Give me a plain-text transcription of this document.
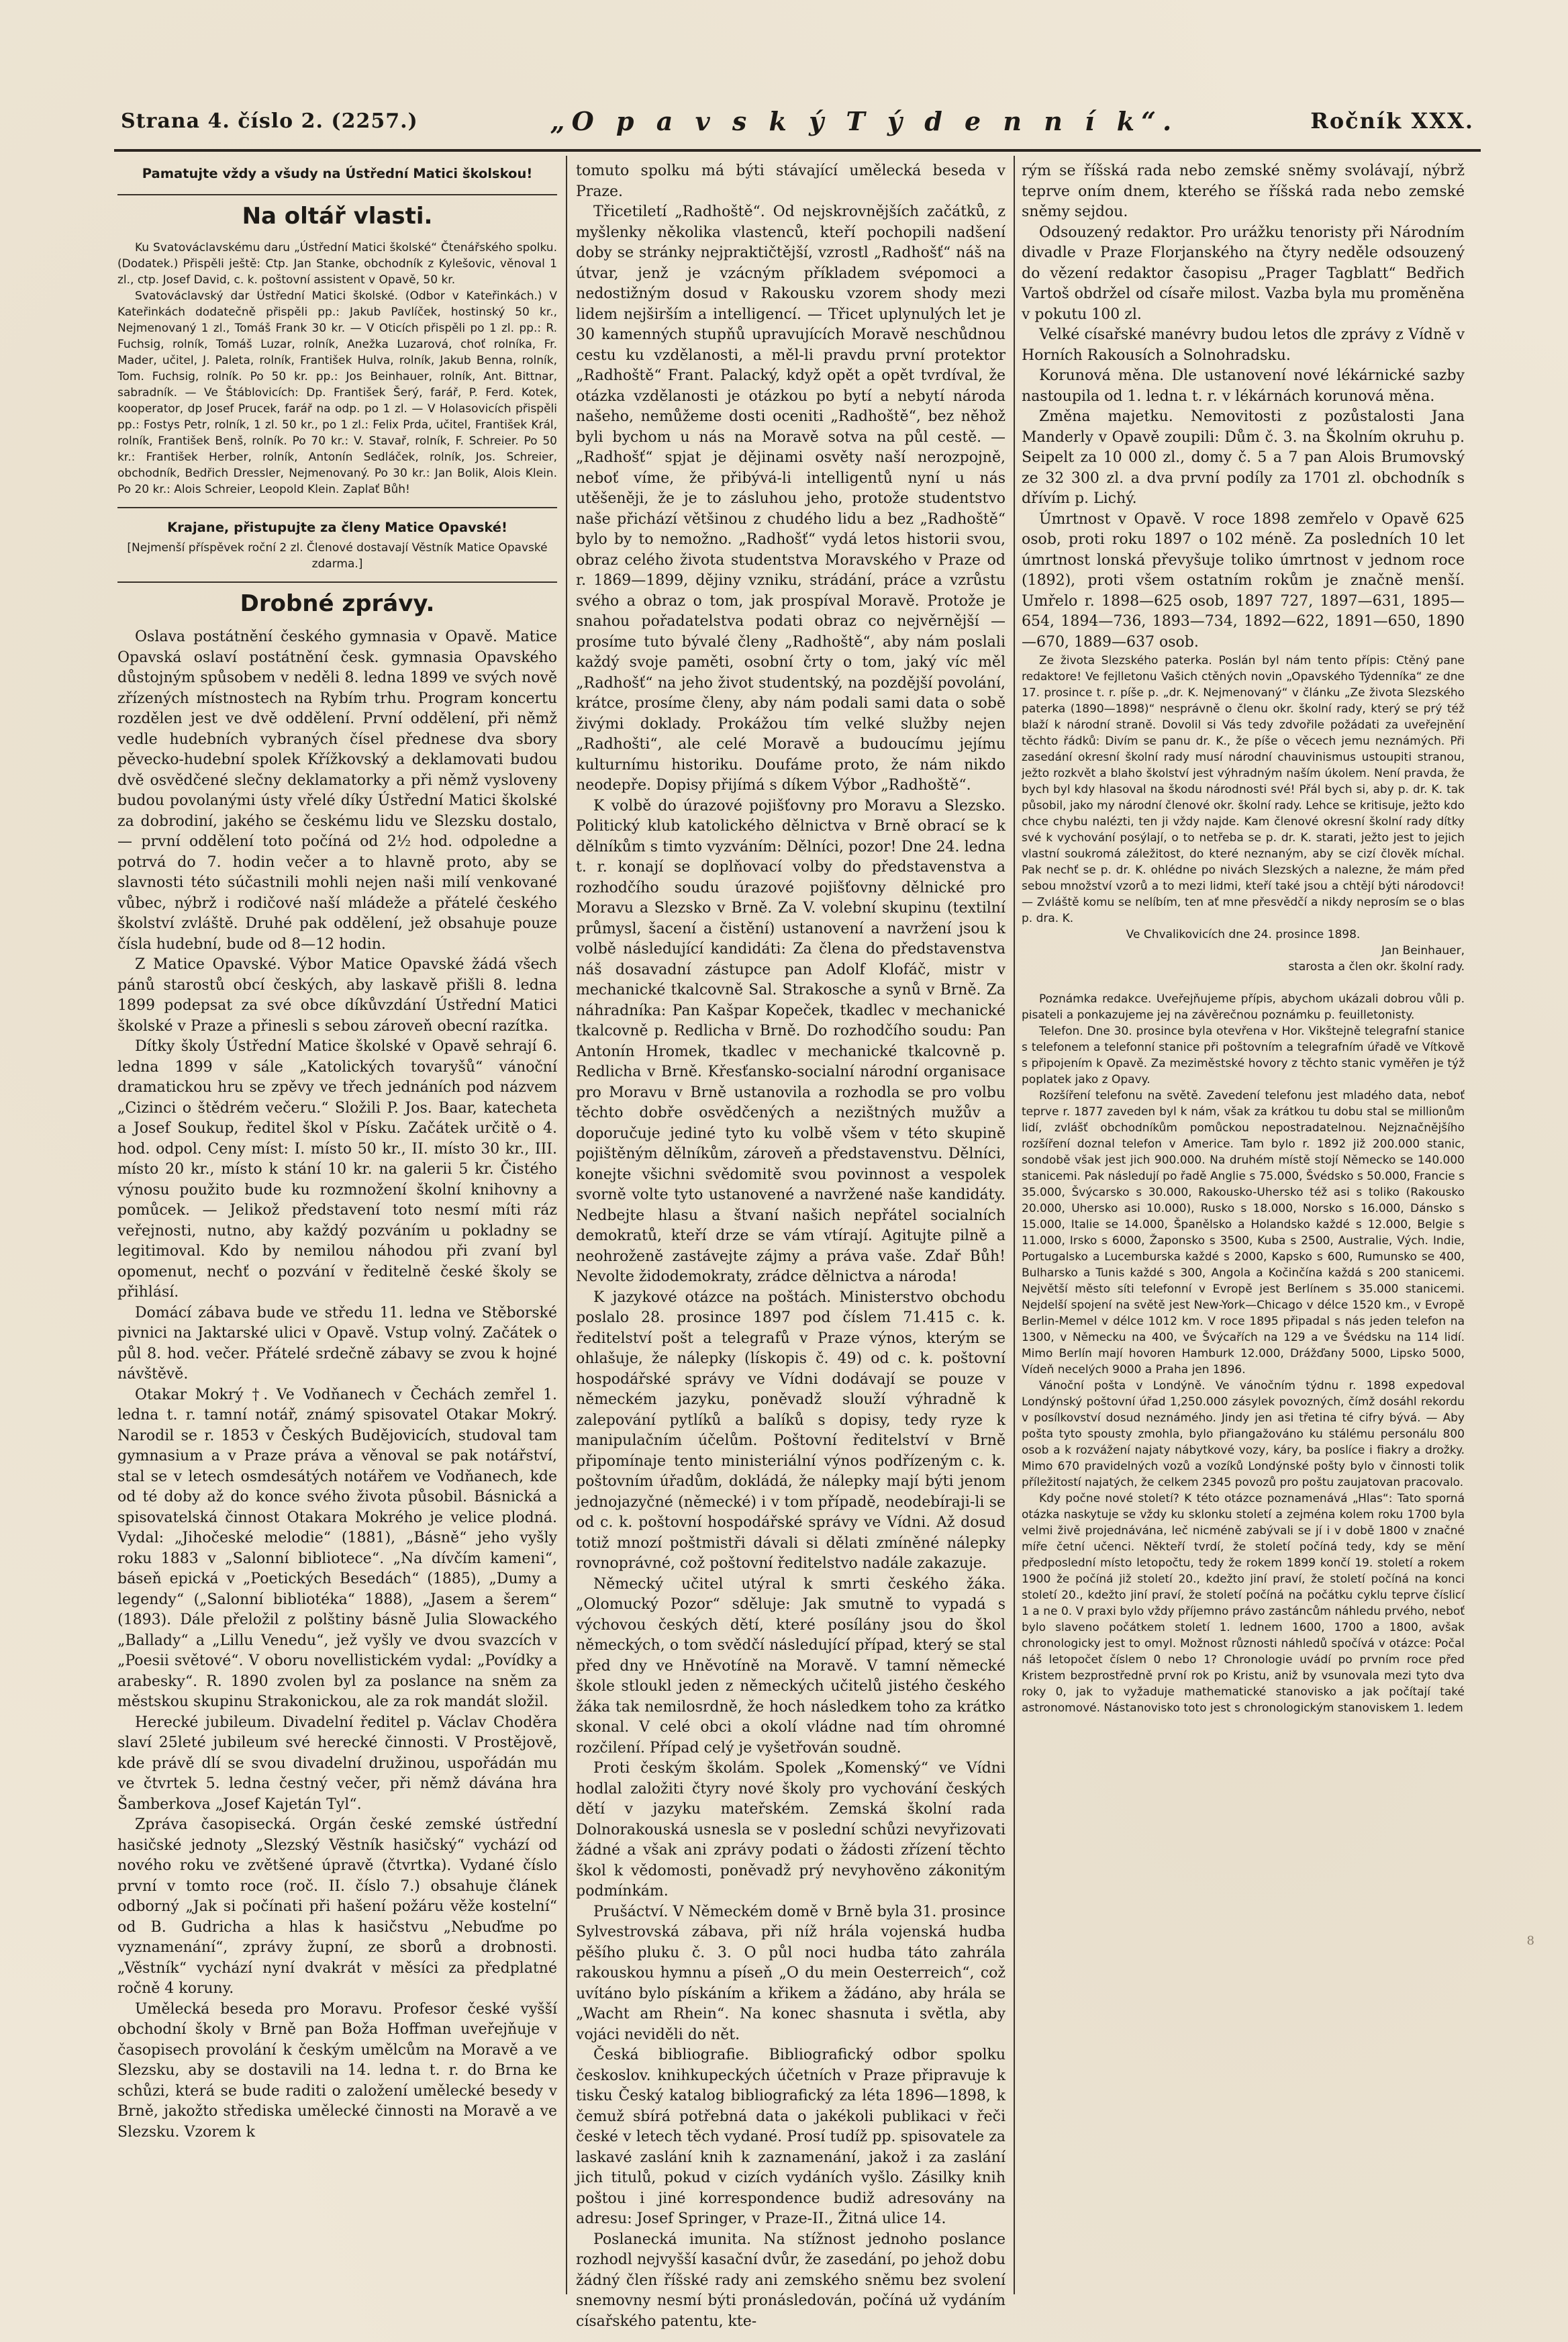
Strana 4. číslo 2. (2257.)	„O p a v s k ý T ý d e n n í k“.	Ročník XXX.
Pamatujte vždy a všudy na Ústřední Matici školskou!
Na oltář vlasti.

Ku Svatováclavskému daru „Ústřední Matici školské“ Čtenářského spolku. (Dodatek.) Přispěli ještě: Ctp. Jan Stanke, obchodník z Kylešovic, věnoval 1 zl., ctp. Josef David, c. k. poštovní assistent v Opavě, 50 kr.

Svatováclavský dar Ústřední Matici školské. (Odbor v Kateřinkách.) V Kateřinkách dodatečně přispěli pp.: Jakub Pavlíček, hostinský 50 kr., Nejmenovaný 1 zl., Tomáš Frank 30 kr. — V Oticích přispěli po 1 zl. pp.: R. Fuchsig, rolník, Tomáš Luzar, rolník, Anežka Luzarová, choť rolníka, Fr. Mader, učitel, J. Paleta, rolník, František Hulva, rolník, Jakub Benna, rolník, Tom. Fuchsig, rolník. Po 50 kr. pp.: Jos Beinhauer, rolník, Ant. Bittnar, sabradník. — Ve Štáblovicích: Dp. František Šerý, farář, P. Ferd. Kotek, kooperator, dp Josef Prucek, farář na odp. po 1 zl. — V Holasovicích přispěli pp.: Fostys Petr, rolník, 1 zl. 50 kr., po 1 zl.: Felix Prda, učitel, František Král, rolník, František Benš, rolník. Po 70 kr.: V. Stavař, rolník, F. Schreier. Po 50 kr.: František Herber, rolník, Antonín Sedláček, rolník, Jos. Schreier, obchodník, Bedřich Dressler, Nejmenovaný. Po 30 kr.: Jan Bolik, Alois Klein. Po 20 kr.: Alois Schreier, Leopold Klein. Zaplať Bůh!

Krajane, přistupujte za členy Matice Opavské!

[Nejmenší příspěvek roční 2 zl. Členové dostavají Věstník Matice Opavské zdarma.]

Drobné zprávy.

Oslava postátnění českého gymnasia v Opavě. Matice Opavská oslaví postátnění česk. gymnasia Opavského důstojným spůsobem v neděli 8. ledna 1899 ve svých nově zřízených místnostech na Rybím trhu. Program koncertu rozdělen jest ve dvě oddělení. První oddělení, při němž vedle hudebních vybraných čísel přednese dva sbory pěvecko-hudební spolek Křížkovský a deklamovati budou dvě osvědčené slečny deklamatorky a při němž vysloveny budou povolanými ústy vřelé díky Ústřední Matici školské za dobrodiní, jakého se českému lidu ve Slezsku dostalo, — první oddělení toto počíná od 2½ hod. odpoledne a potrvá do 7. hodin večer a to hlavně proto, aby se slavnosti této súčastnili mohli nejen naši milí venkované vůbec, nýbrž i rodičové naší mládeže a přátelé českého školství zvláště. Druhé pak oddělení, jež obsahuje pouze čísla hudební, bude od 8—12 hodin.

Z Matice Opavské. Výbor Matice Opavské žádá všech pánů starostů obcí českých, aby laskavě přišli 8. ledna 1899 podepsat za své obce díkůvzdání Ústřední Matici školské v Praze a přinesli s sebou zároveň obecní razítka.

Dítky školy Ústřední Matice školské v Opavě sehrají 6. ledna 1899 v sále „Katolických tovaryšů“ vánoční dramatickou hru se zpěvy ve třech jednáních pod názvem „Cizinci o štědrém večeru.“ Složili P. Jos. Baar, katecheta a Josef Soukup, ředitel škol v Písku. Začátek určitě o 4. hod. odpol. Ceny míst: I. místo 50 kr., II. místo 30 kr., III. místo 20 kr., místo k stání 10 kr. na galerii 5 kr. Čistého výnosu použito bude ku rozmnožení školní knihovny a pomůcek. — Jelikož představení toto nesmí míti ráz veřejnosti, nutno, aby každý pozváním u pokladny se legitimoval. Kdo by nemilou náhodou při zvaní byl opomenut, nechť o pozvání v ředitelně české školy se přihlásí.

Domácí zábava bude ve středu 11. ledna ve Stěborské pivnici na Jaktarské ulici v Opavě. Vstup volný. Začátek o půl 8. hod. večer. Přátelé srdečně zábavy se zvou k hojné návštěvě.

Otakar Mokrý †. Ve Vodňanech v Čechách zemřel 1. ledna t. r. tamní notář, známý spisovatel Otakar Mokrý. Narodil se r. 1853 v Českých Budějovicích, studoval tam gymnasium a v Praze práva a věnoval se pak notářství, stal se v letech osmdesátých notářem ve Vodňanech, kde od té doby až do konce svého života působil. Básnická a spisovatelská činnost Otakara Mokrého je velice plodná. Vydal: „Jihočeské melodie“ (1881), „Básně“ jeho vyšly roku 1883 v „Salonní bibliotece“. „Na dívčím kameni“, báseň epická v „Poetických Besedách“ (1885), „Dumy a legendy“ („Salonní bibliotéka“ 1888), „Jasem a šerem“ (1893). Dále přeložil z polštiny básně Julia Slowackého „Ballady“ a „Lillu Venedu“, jež vyšly ve dvou svazcích v „Poesii světové“. V oboru novellistickém vydal: „Povídky a arabesky“. R. 1890 zvolen byl za poslance na sněm za městskou skupinu Strakonickou, ale za rok mandát složil.

Herecké jubileum. Divadelní ředitel p. Václav Choděra slaví 25leté jubileum své herecké činnosti. V Prostějově, kde právě dlí se svou divadelní družinou, uspořádán mu ve čtvrtek 5. ledna čestný večer, při němž dávána hra Šamberkova „Josef Kajetán Tyl“.

Zpráva časopisecká. Orgán české zemské ústřední hasičské jednoty „Slezský Věstník hasičský“ vychází od nového roku ve zvětšené úpravě (čtvrtka). Vydané číslo první v tomto roce (roč. II. číslo 7.) obsahuje článek odborný „Jak si počínati při hašení požáru věže kostelní“ od B. Gudricha a hlas k hasičstvu „Nebuďme po vyznamenání“, zprávy župní, ze sborů a drobnosti. „Věstník“ vychází nyní dvakrát v měsíci za předplatné ročně 4 koruny.

Umělecká beseda pro Moravu. Profesor české vyšší obchodní školy v Brně pan Boža Hoffman uveřejňuje v časopisech provolání k českým umělcům na Moravě a ve Slezsku, aby se dostavili na 14. ledna t. r. do Brna ke schůzi, která se bude raditi o založení umělecké besedy v Brně, jakožto střediska umělecké činnosti na Moravě a ve Slezsku. Vzorem k

tomuto spolku má býti stávající umělecká beseda v Praze.

Třicetiletí „Radhoště“. Od nejskrovnějších začátků, z myšlenky několika vlastenců, kteří pochopili nadšení doby se stránky nejpraktičtější, vzrostl „Radhošť“ náš na útvar, jenž je vzácným příkladem svépomoci a nedostižným dosud v Rakousku vzorem shody mezi lidem nejširším a intelligencí. — Třicet uplynulých let je 30 kamenných stupňů upravujících Moravě neschůdnou cestu ku vzdělanosti, a měl-li pravdu první protektor „Radhoště“ Frant. Palacký, když opět a opět tvrdíval, že otázka vzdělanosti je otázkou po bytí a nebytí národa našeho, nemůžeme dosti oceniti „Radhoště“, bez něhož byli bychom u nás na Moravě sotva na půl cestě. — „Radhošť“ spjat je dějinami osvěty naší nerozpojně, neboť víme, že přibývá-li intelligentů nyní u nás utěšeněji, že je to zásluhou jeho, protože studentstvo naše přichází většinou z chudého lidu a bez „Radhoště“ bylo by to nemožno. „Radhošť“ vydá letos historii svou, obraz celého života studentstva Moravského v Praze od r. 1869—1899, dějiny vzniku, strádání, práce a vzrůstu svého a obraz o tom, jak prospíval Moravě. Protože je snahou pořadatelstva podati obraz co nejvěrnější — prosíme tuto bývalé členy „Radhoště“, aby nám poslali každý svoje paměti, osobní črty o tom, jaký víc měl „Radhošť“ na jeho život studentský, na pozdější povolání, krátce, prosíme členy, aby nám podali sami data o sobě živými doklady. Prokážou tím velké služby nejen „Radhošti“, ale celé Moravě a budoucímu jejímu kulturnímu historiku. Doufáme proto, že nám nikdo neodepře. Dopisy přijímá s díkem Výbor „Radhoště“.

K volbě do úrazové pojišťovny pro Moravu a Slezsko. Politický klub katolického dělnictva v Brně obrací se k dělníkům s timto vyzváním: Dělníci, pozor! Dne 24. ledna t. r. konají se doplňovací volby do představenstva a rozhodčího soudu úrazové pojišťovny dělnické pro Moravu a Slezsko v Brně. Za V. volební skupinu (textilní průmysl, šacení a čistění) ustanovení a navržení jsou k volbě následující kandidáti: Za člena do představenstva náš dosavadní zástupce pan Adolf Klofáč, mistr v mechanické tkalcovně Sal. Strakosche a synů v Brně. Za náhradníka: Pan Kašpar Kopeček, tkadlec v mechanické tkalcovně p. Redlicha v Brně. Do rozhodčího soudu: Pan Antonín Hromek, tkadlec v mechanické tkalcovně p. Redlicha v Brně. Křesťansko-socialní národní organisace pro Moravu v Brně ustanovila a rozhodla se pro volbu těchto dobře osvědčených a nezištných mužův a doporučuje jediné tyto ku volbě všem v této skupině pojištěným dělníkům, zároveň a představenstvu. Dělníci, konejte všichni svědomitě svou povinnost a vespolek svorně volte tyto ustanovené a navržené naše kandidáty. Nedbejte hlasu a štvaní našich nepřátel socialních demokratů, kteří drze se vám vtírají. Agitujte pilně a neohroženě zastávejte zájmy a práva vaše. Zdař Bůh! Nevolte židodemokraty, zrádce dělnictva a národa!

K jazykové otázce na poštách. Ministerstvo obchodu poslalo 28. prosince 1897 pod číslem 71.415 c. k. ředitelství pošt a telegrafů v Praze výnos, kterým se ohlašuje, že nálepky (lískopis č. 49) od c. k. poštovní hospodářské správy ve Vídni dodávají se pouze v německém jazyku, poněvadž slouží výhradně k zalepování pytlíků a balíků s dopisy, tedy ryze k manipulačním účelům. Poštovní ředitelství v Brně připomínaje tento ministeriální výnos podřízeným c. k. poštovním úřadům, dokládá, že nálepky mají býti jenom jednojazyčné (německé) i v tom případě, neodebíraji-li se od c. k. poštovní hospodářské správy ve Vídni. Až dosud totiž mnozí poštmistři dávali si dělati zmíněné nálepky rovnoprávné, což poštovní ředitelstvo nadále zakazuje.

Německý učitel utýral k smrti českého žáka. „Olomucký Pozor“ sděluje: Jak smutně to vypadá s výchovou českých dětí, které posílány jsou do škol německých, o tom svědčí následující případ, který se stal před dny ve Hněvotíně na Moravě. V tamní německé škole stloukl jeden z německých učitelů jistého českého žáka tak nemilosrdně, že hoch následkem toho za krátko skonal. V celé obci a okolí vládne nad tím ohromné rozčilení. Případ celý je vyšetřován soudně.

Proti českým školám. Spolek „Komenský“ ve Vídni hodlal založiti čtyry nové školy pro vychování českých dětí v jazyku mateřském. Zemská školní rada Dolnorakouská usnesla se v poslední schůzi nevyřizovati žádné a však ani zprávy podati o žádosti zřízení těchto škol k vědomosti, poněvadž prý nevyhověno zákonitým podmínkám.

Prušáctví. V Německém domě v Brně byla 31. prosince Sylvestrovská zábava, při níž hrála vojenská hudba pěšího pluku č. 3. O půl noci hudba táto zahrála rakouskou hymnu a píseň „O du mein Oesterreich“, což uvítáno bylo pískáním a křikem a žádáno, aby hrála se „Wacht am Rhein“. Na konec shasnuta i světla, aby vojáci neviděli do nět.

Česká bibliografie. Bibliografický odbor spolku českoslov. knihkupeckých účetních v Praze připravuje k tisku Český katalog bibliografický za léta 1896—1898, k čemuž sbírá potřebná data o jakékoli publikaci v řeči české v letech těch vydané. Prosí tudíž pp. spisovatele za laskavé zaslání knih k zaznamenání, jakož i za zaslání jich titulů, pokud v cizích vydáních vyšlo. Zásilky knih poštou i jiné korrespondence budiž adresovány na adresu: Josef Springer, v Praze-II., Žitná ulice 14.

Poslanecká imunita. Na stížnost jednoho poslance rozhodl nejvyšší kasační dvůr, že zasedání, po jehož dobu žádný člen říšské rady ani zemského sněmu bez svolení snemovny nesmí býti pronásledován, počíná už vydáním císařského patentu, kte-

rým se říšská rada nebo zemské sněmy svolávají, nýbrž teprve oním dnem, kterého se říšská rada nebo zemské sněmy sejdou.

Odsouzený redaktor. Pro urážku tenoristy při Národním divadle v Praze Florjanského na čtyry neděle odsouzený do vězení redaktor časopisu „Prager Tagblatt“ Bedřich Vartoš obdržel od císaře milost. Vazba byla mu proměněna v pokutu 100 zl.

Velké císařské manévry budou letos dle zprávy z Vídně v Horních Rakousích a Solnohradsku.

Korunová měna. Dle ustanovení nové lékárnické sazby nastoupila od 1. ledna t. r. v lékárnách korunová měna.

Změna majetku. Nemovitosti z pozůstalosti Jana Manderly v Opavě zoupili: Dům č. 3. na Školním okruhu p. Seipelt za 10 000 zl., domy č. 5 a 7 pan Alois Brumovský ze 32 300 zl. a dva první podíly za 1701 zl. obchodník s dřívím p. Lichý.

Úmrtnost v Opavě. V roce 1898 zemřelo v Opavě 625 osob, proti roku 1897 o 102 méně. Za posledních 10 let úmrtnost lonská převyšuje toliko úmrtnost v jednom roce (1892), proti všem ostatním rokům je značně menší. Umřelo r. 1898—625 osob, 1897 727, 1897—631, 1895—654, 1894—736, 1893—734, 1892—622, 1891—650, 1890—670, 1889—637 osob.

Ze života Slezského paterka. Poslán byl nám tento přípis: Ctěný pane redaktore! Ve fejlletonu Vašich ctěných novin „Opavského Týdenníka“ ze dne 17. prosince t. r. píše p. „dr. K. Nejmenovaný“ v článku „Ze života Slezského paterka (1890—1898)“ nesprávně o členu okr. školní rady, který se prý též blaží k národní straně. Dovolil si Vás tedy zdvořile požádati za uveřejnění těchto řádků: Divím se panu dr. K., že píše o věcech jemu neznámých. Při zasedání okresní školní rady musí národní chauvinismus ustoupiti stranou, ježto rozkvět a blaho školství jest výhradným naším úkolem. Není pravda, že bych byl kdy hlasoval na škodu národnosti své! Přál bych si, aby p. dr. K. tak působil, jako my národní členové okr. školní rady. Lehce se kritisuje, ježto kdo chce chybu nalézti, ten ji vždy najde. Kam členové okresní školní rady dítky své k vychování posýlají, o to netřeba se p. dr. K. starati, ježto jest to jejich vlastní soukromá záležitost, do které neznaným, aby se cizí člověk míchal. Pak nechť se p. dr. K. ohlédne po nivách Slezských a nalezne, že mám před sebou množství vzorů a to mezi lidmi, kteří také jsou a chtějí býti národovci! — Zvláště komu se nelíbím, ten ať mne přesvědčí a nikdy neprosím se o blas p. dra. K.

Ve Chvalikovicích dne 24. prosince 1898.

Jan Beinhauer,

starosta a člen okr. školní rady.

Poznámka redakce. Uveřejňujeme přípis, abychom ukázali dobrou vůli p. pisateli a ponkazujeme jej na závěrečnou poznámku p. feuilletonisty.

Telefon. Dne 30. prosince byla otevřena v Hor. Vikštejně telegrafní stanice s telefonem a telefonní stanice při poštovním a telegrafním úřadě ve Vítkově s připojením k Opavě. Za meziměstské hovory z těchto stanic vyměřen je týž poplatek jako z Opavy.

Rozšíření telefonu na světě. Zavedení telefonu jest mladého data, neboť teprve r. 1877 zaveden byl k nám, však za krátkou tu dobu stal se millionům lidí, zvlášť obchodníkům pomůckou nepostradatelnou. Nejznačnějšího rozšíření doznal telefon v Americe. Tam bylo r. 1892 již 200.000 stanic, sondobě však jest jich 900.000. Na druhém místě stojí Německo se 140.000 stanicemi. Pak následují po řadě Anglie s 75.000, Švédsko s 50.000, Francie s 35.000, Švýcarsko s 30.000, Rakousko-Uhersko též asi s toliko (Rakousko 20.000, Uhersko asi 10.000), Rusko s 18.000, Norsko s 16.000, Dánsko s 15.000, Italie se 14.000, Španělsko a Holandsko každé s 12.000, Belgie s 11.000, Irsko s 6000, Žaponsko s 3500, Kuba s 2500, Australie, Vých. Indie, Portugalsko a Lucemburska každé s 2000, Kapsko s 600, Rumunsko se 400, Bulharsko a Tunis každé s 300, Angola a Kočinčína každá s 200 stanicemi. Největší město síti telefonní v Evropě jest Berlínem s 35.000 stanicemi. Nejdelší spojení na světě jest New-York—Chicago v délce 1520 km., v Evropě Berlin-Memel v délce 1012 km. V roce 1895 připadal s nás jeden telefon na 1300, v Německu na 400, ve Švýcařích na 129 a ve Švédsku na 114 lidí. Mimo Berlín mají hovoren Hamburk 12.000, Drážďany 5000, Lipsko 5000, Vídeň necelých 9000 a Praha jen 1896.

Vánoční pošta v Londýně. Ve vánočním týdnu r. 1898 expedoval Londýnský poštovní úřad 1,250.000 zásylek povozných, čímž dosáhl rekordu v posílkovství dosud neznámého. Jindy jen asi třetina té cifry bývá. — Aby pošta tyto spousty zmohla, bylo přiangažováno ku stálému personálu 800 osob a k rozvážení najaty nábytkové vozy, káry, ba poslíce i fiakry a drožky. Mimo 670 pravidelných vozů a vozíků Londýnské pošty bylo v činnosti tolik příležitostí najatých, že celkem 2345 povozů pro poštu zaujatovan pracovalo.

Kdy počne nové století? K této otázce poznamenává „Hlas“: Tato sporná otázka naskytuje se vždy ku sklonku století a zejména kolem roku 1700 byla velmi živě projednávána, leč nicméně zabývali se jí i v době 1800 v značné míře četní učenci. Někteří tvrdí, že století počíná tedy, kdy se mění předposlední místo letopočtu, tedy že rokem 1899 končí 19. století a rokem 1900 že počíná již století 20., kdežto jiní praví, že století počíná na konci století 20., kdežto jiní praví, že století počíná na počátku cyklu teprve číslicí 1 a ne 0. V praxi bylo vždy příjemno právo zastáncům náhledu prvého, neboť bylo slaveno počátkem století 1. lednem 1600, 1700 a 1800, avšak chronologicky jest to omyl. Možnost různosti náhledů spočívá v otázce: Počal náš letopočet číslem 0 nebo 1? Chronologie uvádí po prvním roce před Kristem bezprostředně první rok po Kristu, aniž by vsunovala mezi tyto dva roky 0, jak to vyžaduje mathematické stanovisko a jak počítají také astronomové. Nástanovisko toto jest s chronologickým stanoviskem 1. ledem

8
